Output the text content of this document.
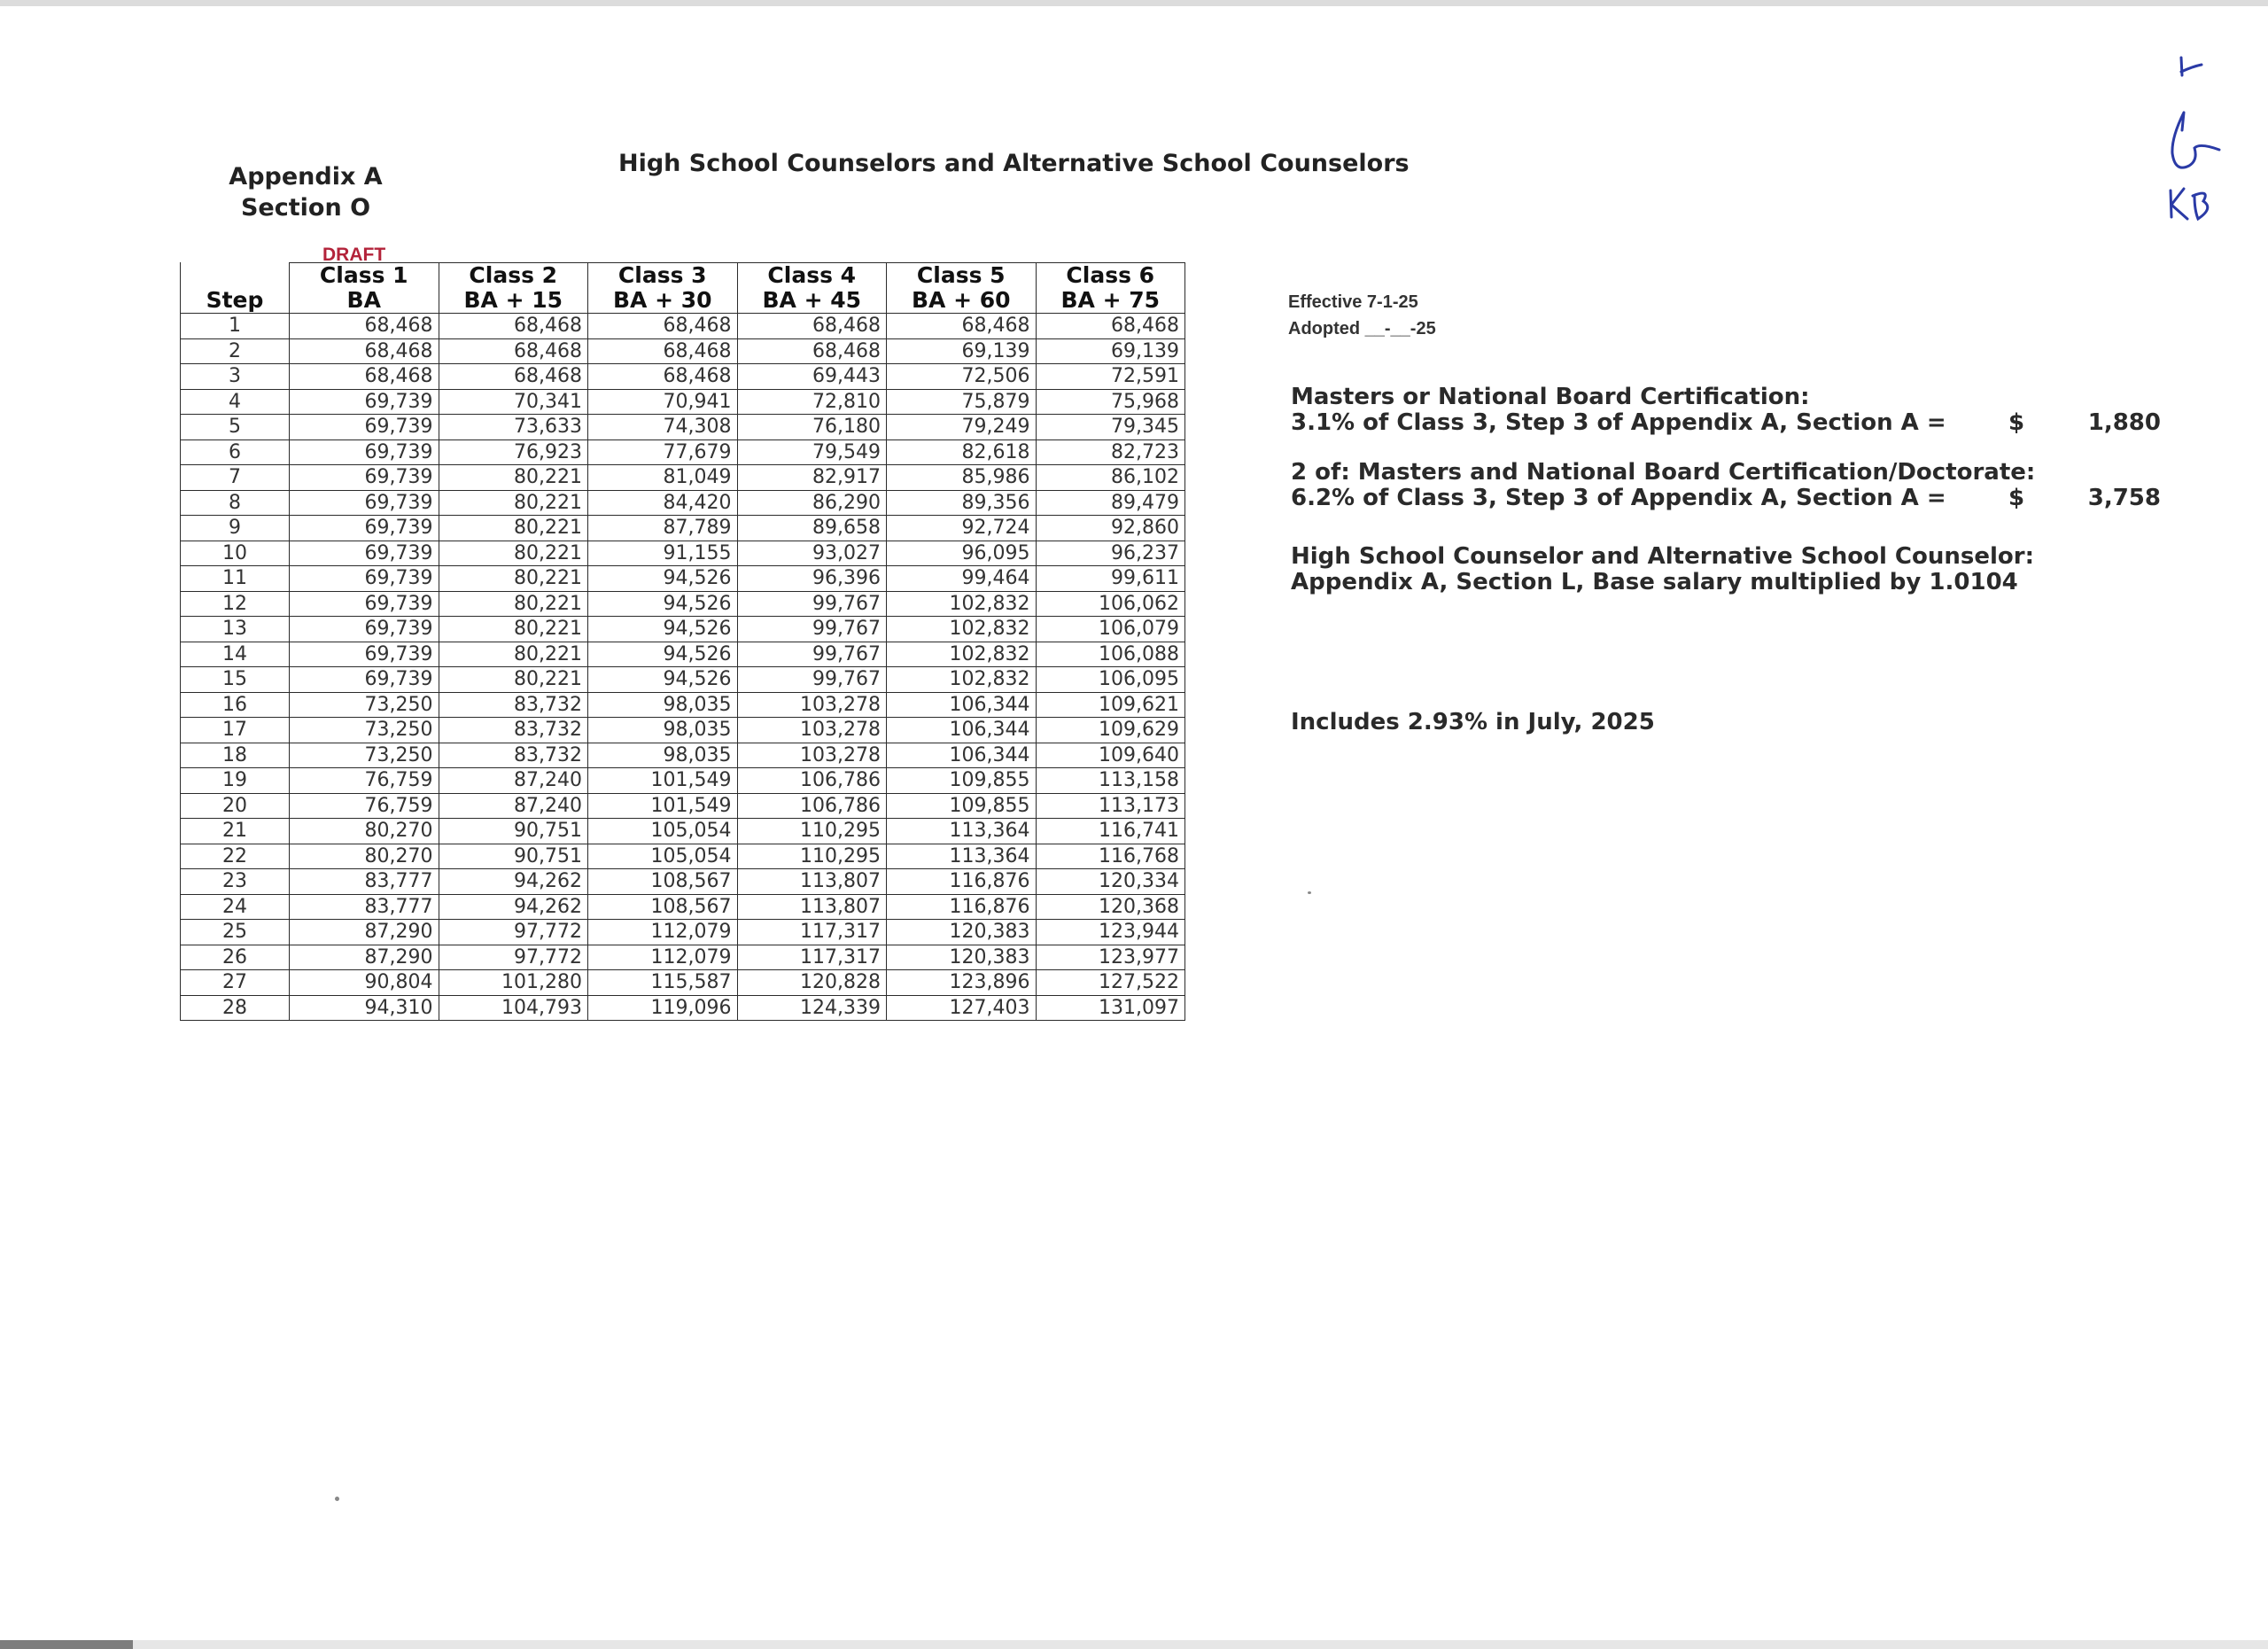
Appendix A
Section O
High School Counselors and Alternative School Counselors
DRAFT
	Class 1	Class 2	Class 3	Class 4	Class 5	Class 6
Step	BA	BA + 15	BA + 30	BA + 45	BA + 60	BA + 75
1	68,468	68,468	68,468	68,468	68,468	68,468
2	68,468	68,468	68,468	68,468	69,139	69,139
3	68,468	68,468	68,468	69,443	72,506	72,591
4	69,739	70,341	70,941	72,810	75,879	75,968
5	69,739	73,633	74,308	76,180	79,249	79,345
6	69,739	76,923	77,679	79,549	82,618	82,723
7	69,739	80,221	81,049	82,917	85,986	86,102
8	69,739	80,221	84,420	86,290	89,356	89,479
9	69,739	80,221	87,789	89,658	92,724	92,860
10	69,739	80,221	91,155	93,027	96,095	96,237
11	69,739	80,221	94,526	96,396	99,464	99,611
12	69,739	80,221	94,526	99,767	102,832	106,062
13	69,739	80,221	94,526	99,767	102,832	106,079
14	69,739	80,221	94,526	99,767	102,832	106,088
15	69,739	80,221	94,526	99,767	102,832	106,095
16	73,250	83,732	98,035	103,278	106,344	109,621
17	73,250	83,732	98,035	103,278	106,344	109,629
18	73,250	83,732	98,035	103,278	106,344	109,640
19	76,759	87,240	101,549	106,786	109,855	113,158
20	76,759	87,240	101,549	106,786	109,855	113,173
21	80,270	90,751	105,054	110,295	113,364	116,741
22	80,270	90,751	105,054	110,295	113,364	116,768
23	83,777	94,262	108,567	113,807	116,876	120,334
24	83,777	94,262	108,567	113,807	116,876	120,368
25	87,290	97,772	112,079	117,317	120,383	123,944
26	87,290	97,772	112,079	117,317	120,383	123,977
27	90,804	101,280	115,587	120,828	123,896	127,522
28	94,310	104,793	119,096	124,339	127,403	131,097
Effective 7-1-25
Adopted __-__-25
Masters or National Board Certification:
3.1% of Class 3, Step 3 of Appendix A, Section A =	$	1,880
2 of: Masters and National Board Certification/Doctorate:
6.2% of Class 3, Step 3 of Appendix A, Section A =	$	3,758
High School Counselor and Alternative School Counselor:
Appendix A, Section L, Base salary multiplied by 1.0104
Includes 2.93% in July, 2025
